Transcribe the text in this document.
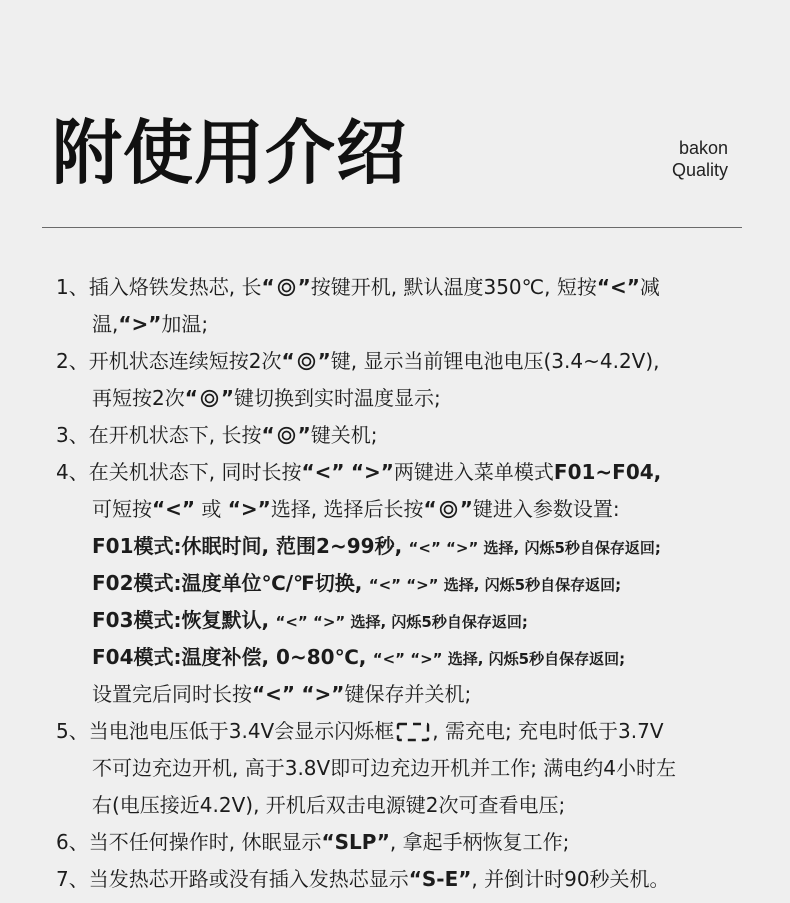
附使用介绍	bakon
Quality
1、插入烙铁发热芯, 长“ ”按键开机, 默认温度350℃, 短按“<”减
温,“>”加温;
2、开机状态连续短按2次“ ”键, 显示当前锂电池电压(3.4~4.2V),
再短按2次“ ”键切换到实时温度显示;
3、在开机状态下, 长按“ ”键关机;
4、在关机状态下, 同时长按“<” “>”两键进入菜单模式F01~F04,
可短按“<” 或 “>”选择, 选择后长按“ ”键进入参数设置:
F01模式:休眠时间, 范围2~99秒, “<” “>” 选择, 闪烁5秒自保存返回;
F02模式:温度单位℃/℉切换, “<” “>” 选择, 闪烁5秒自保存返回;
F03模式:恢复默认, “<” “>” 选择, 闪烁5秒自保存返回;
F04模式:温度补偿, 0~80℃, “<” “>” 选择, 闪烁5秒自保存返回;
设置完后同时长按“<” “>”键保存并关机;
5、当电池电压低于3.4V会显示闪烁框 , 需充电; 充电时低于3.7V
不可边充边开机, 高于3.8V即可边充边开机并工作; 满电约4小时左
右(电压接近4.2V), 开机后双击电源键2次可查看电压;
6、当不任何操作时, 休眠显示“SLP”, 拿起手柄恢复工作;
7、当发热芯开路或没有插入发热芯显示“S-E”, 并倒计时90秒关机。
